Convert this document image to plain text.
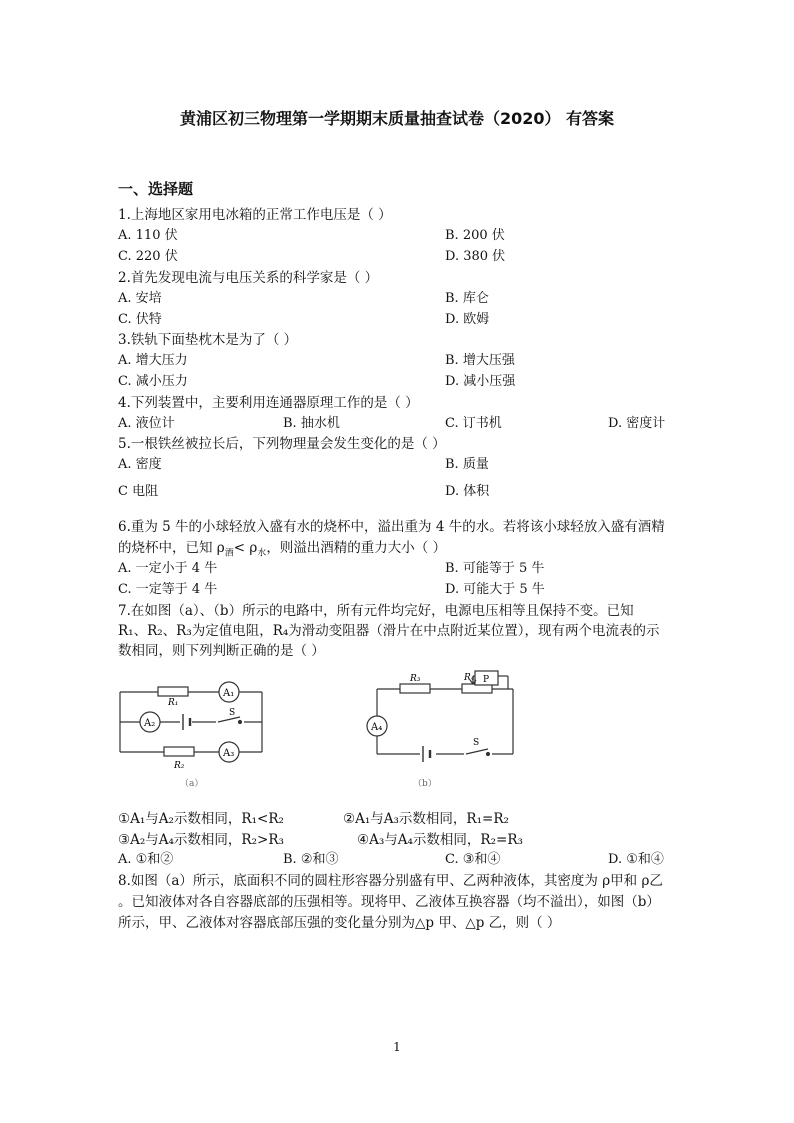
黄浦区初三物理第一学期期末质量抽查试卷（2020） 有答案
一、选择题
1.上海地区家用电冰箱的正常工作电压是（ ）
A. 110 伏	B. 200 伏
C. 220 伏	D. 380 伏
2.首先发现电流与电压关系的科学家是（ ）
A. 安培	B. 库仑
C. 伏特	D. 欧姆
3.铁轨下面垫枕木是为了（ ）
A. 增大压力	B. 增大压强
C. 减小压力	D. 减小压强
4.下列装置中，主要利用连通器原理工作的是（ ）
A. 液位计	B. 抽水机	C. 订书机	D. 密度计
5.一根铁丝被拉长后，下列物理量会发生变化的是（ ）
A. 密度	B. 质量
C 电阻	D. 体积
6.重为 5 牛的小球轻放入盛有水的烧杯中，溢出重为 4 牛的水。若将该小球轻放入盛有酒精
的烧杯中，已知 $\rho_酒< \rho_水$，则溢出酒精的重力大小（ ）
A. 一定小于 4 牛	B. 可能等于 5 牛
C. 一定等于 4 牛	D. 可能大于 5 牛
7.在如图（a）、（b）所示的电路中，所有元件均完好，电源电压相等且保持不变。已知
R₁、R₂、R₃为定值电阻，R₄为滑动变阻器（滑片在中点附近某位置），现有两个电流表的示
数相同，则下列判断正确的是（ ）
R₁
R₂
A₁
A₂
A₃
S
（a）
R₃	R₄ P
A₄
S
（b）
①A₁与A₂示数相同，R₁<R₂	②A₁与A₃示数相同，R₁=R₂
③A₂与A₄示数相同，R₂>R₃	④A₃与A₄示数相同，R₂=R₃
A. ①和②	B. ②和③	C. ③和④	D. ①和④
8.如图（a）所示，底面积不同的圆柱形容器分别盛有甲、乙两种液体，其密度为 ρ甲和 ρ乙
。已知液体对各自容器底部的压强相等。现将甲、乙液体互换容器（均不溢出），如图（b）
所示，甲、乙液体对容器底部压强的变化量分别为△p 甲、△p 乙，则（ ）
1
